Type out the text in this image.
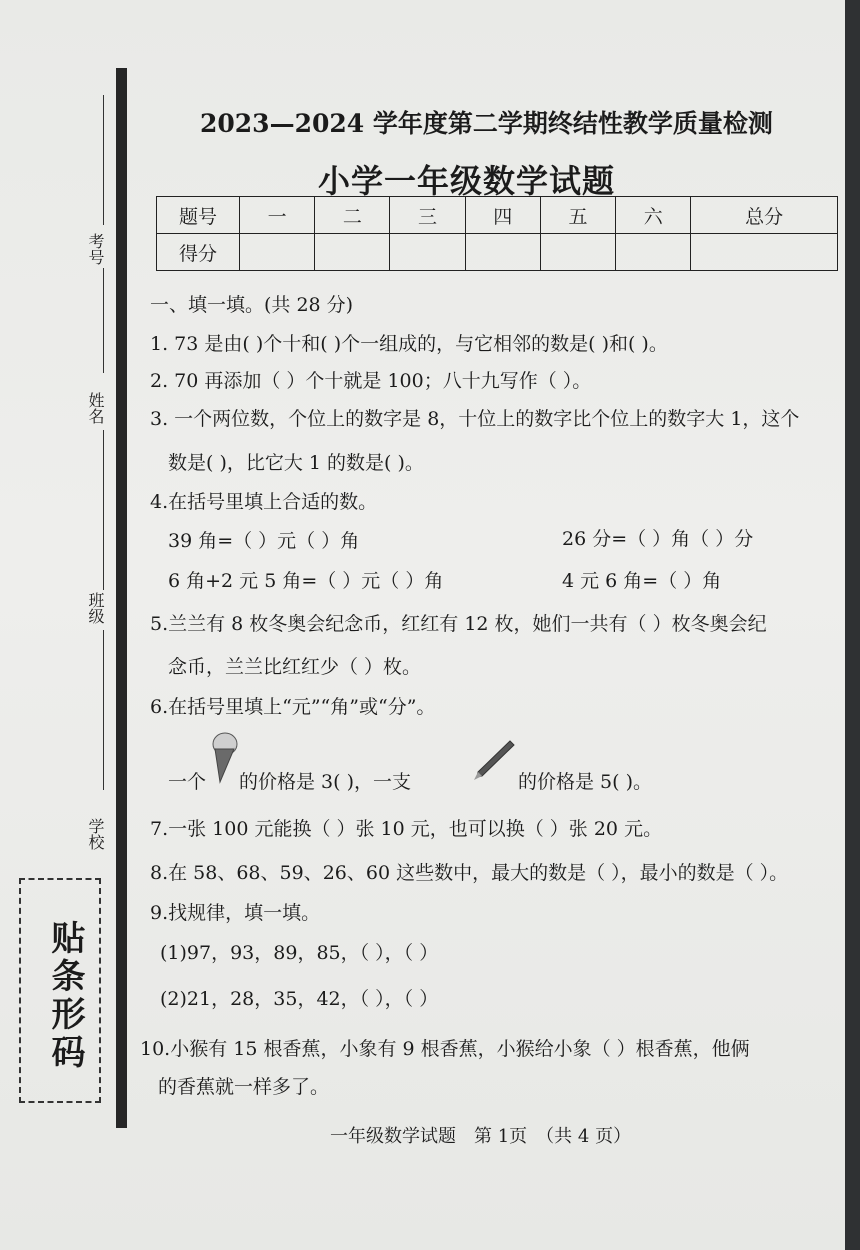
考号
姓名
班级
学校
贴条形码
2023—2024 学年度第二学期终结性教学质量检测
小学一年级数学试题
题号	一	二	三	四	五	六	总分
得分							
一、填一填。(共 28 分)
1. 73 是由( )个十和( )个一组成的，与它相邻的数是( )和( )。
2. 70 再添加（ ）个十就是 100；八十九写作（ ）。
3. 一个两位数，个位上的数字是 8，十位上的数字比个位上的数字大 1，这个
数是( )，比它大 1 的数是( )。
4.在括号里填上合适的数。
39 角=（ ）元（ ）角	26 分=（ ）角（ ）分
6 角+2 元 5 角=（ ）元（ ）角	4 元 6 角=（ ）角
5.兰兰有 8 枚冬奥会纪念币，红红有 12 枚，她们一共有（ ）枚冬奥会纪
念币，兰兰比红红少（ ）枚。
6.在括号里填上“元”“角”或“分”。
一个 的价格是 3( )，一支	的价格是 5( )。
7.一张 100 元能换（ ）张 10 元，也可以换（ ）张 20 元。
8.在 58、68、59、26、60 这些数中，最大的数是（ ），最小的数是（ ）。
9.找规律，填一填。
(1)97，93，89，85，（ ），（ ）
(2)21，28，35，42，（ ），（ ）
10.小猴有 15 根香蕉，小象有 9 根香蕉，小猴给小象（ ）根香蕉，他俩
的香蕉就一样多了。
一年级数学试题　第 1页　（共 4 页）
